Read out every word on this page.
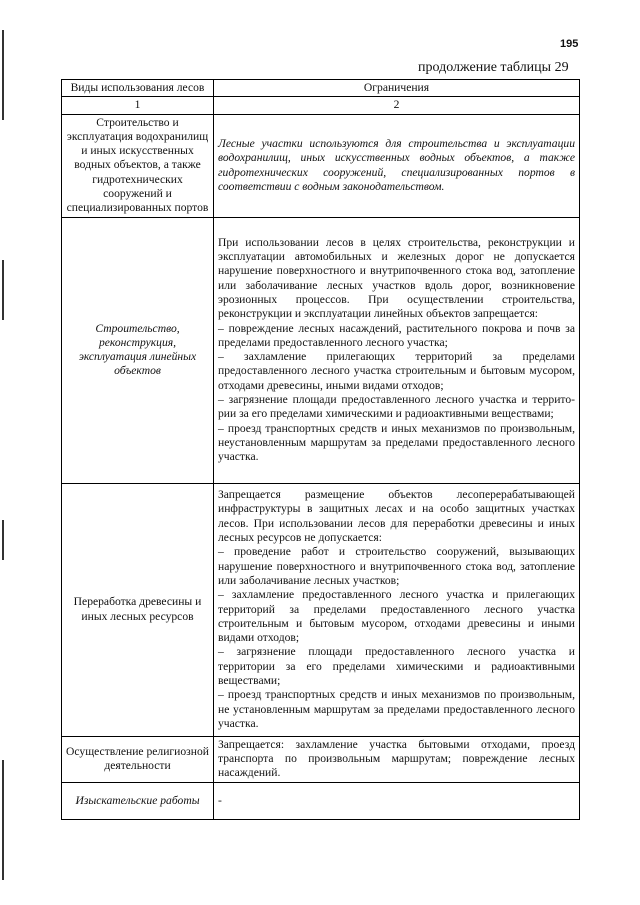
195
продолжение таблицы 29
Виды использования лесов	Ограничения
1	2
Строительство и эксплуатация водохранилищ и иных искусственных водных объектов, а также гидротехнических сооружений и специализированных портов	Лесные участки используются для строительства и эксплуатации водохранилищ, иных искусственных водных объектов, а также гидротехнических сооружений, специализированных портов в соответствии с водным законодательством.

Строительство, реконструкция, эксплуатация линейных объектов	При использовании лесов в целях строительства, реконструкции и эксплуатации автомобильных и железных дорог не допускается нарушение поверхностного и внутрипочвенного стока вод, затопление или заболачивание лесных участков вдоль дорог, возникновение эрозионных процессов. При осуществлении строительства, реконструкции и эксплуатации линейных объектов запрещается:
– повреждение лесных насаждений, растительного покрова и почв за пределами предоставленного лесного участка;
– захламление прилегающих территорий за пределами предоставленного лесного участка строительным и бытовым мусором, отходами древесины, иными видами отходов;
– загрязнение площади предоставленного лесного участка и террито-рии за его пределами химическими и радиоактивными веществами;
– проезд транспортных средств и иных механизмов по произвольным, неустановленным маршрутам за пределами предоставленного лесного участка.

Переработка древесины и иных лесных ресурсов	Запрещается размещение объектов лесоперерабатывающей инфраструктуры в защитных лесах и на особо защитных участках лесов. При использовании лесов для переработки древесины и иных лесных ресурсов не допускается:
– проведение работ и строительство сооружений, вызывающих нарушение поверхностного и внутрипочвенного стока вод, затопление или заболачивание лесных участков;
– захламление предоставленного лесного участка и прилегающих территорий за пределами предоставленного лесного участка строительным и бытовым мусором, отходами древесины и иными видами отходов;
– загрязнение площади предоставленного лесного участка и территории за его пределами химическими и радиоактивными веществами;
– проезд транспортных средств и иных механизмов по произвольным, не установленным маршрутам за пределами предоставленного лесного участка.

Осуществление религиозной деятельности	Запрещается: захламление участка бытовыми отходами, проезд транспорта по произвольным маршрутам; повреждение лесных насаждений.

Изыскательские работы	-
